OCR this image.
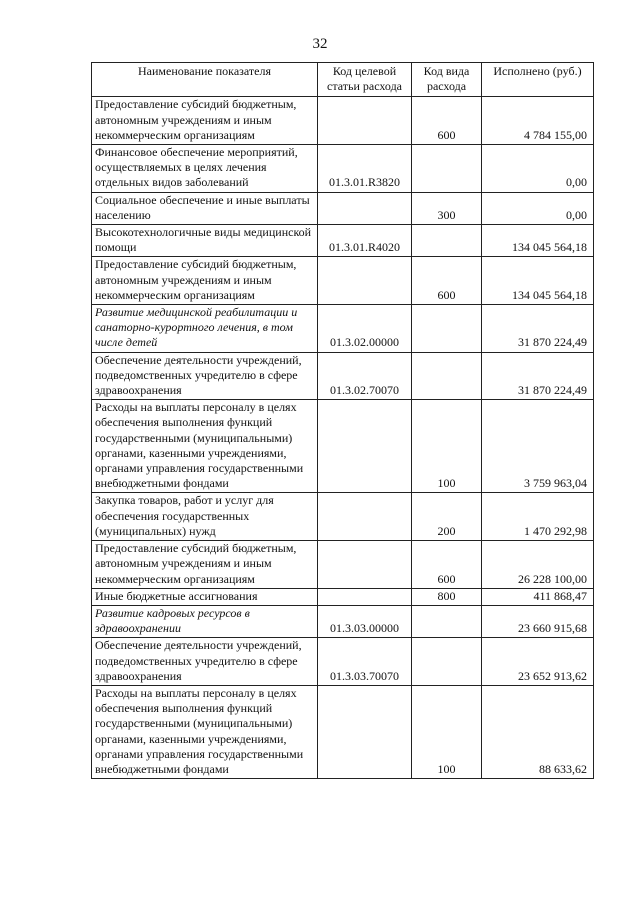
32
Наименование показателя	Код целевой статьи расхода	Код вида расхода	Исполнено (руб.)
Предоставление субсидий бюджетным, автономным учреждениям и иным некоммерческим организациям		600	4 784 155,00
Финансовое обеспечение мероприятий, осуществляемых в целях лечения отдельных видов заболеваний	01.3.01.R3820		0,00
Социальное обеспечение и иные выплаты населению		300	0,00
Высокотехнологичные виды медицинской помощи	01.3.01.R4020		134 045 564,18
Предоставление субсидий бюджетным, автономным учреждениям и иным некоммерческим организациям		600	134 045 564,18
Развитие медицинской реабилитации и санаторно-курортного лечения, в том числе детей	01.3.02.00000		31 870 224,49
Обеспечение деятельности учреждений, подведомственных учредителю в сфере здравоохранения	01.3.02.70070		31 870 224,49
Расходы на выплаты персоналу в целях обеспечения выполнения функций государственными (муниципальными) органами, казенными учреждениями, органами управления государственными внебюджетными фондами		100	3 759 963,04
Закупка товаров, работ и услуг для обеспечения государственных (муниципальных) нужд		200	1 470 292,98
Предоставление субсидий бюджетным, автономным учреждениям и иным некоммерческим организациям		600	26 228 100,00
Иные бюджетные ассигнования		800	411 868,47
Развитие кадровых ресурсов в здравоохранении	01.3.03.00000		23 660 915,68
Обеспечение деятельности учреждений, подведомственных учредителю в сфере здравоохранения	01.3.03.70070		23 652 913,62
Расходы на выплаты персоналу в целях обеспечения выполнения функций государственными (муниципальными) органами, казенными учреждениями, органами управления государственными внебюджетными фондами		100	88 633,62
